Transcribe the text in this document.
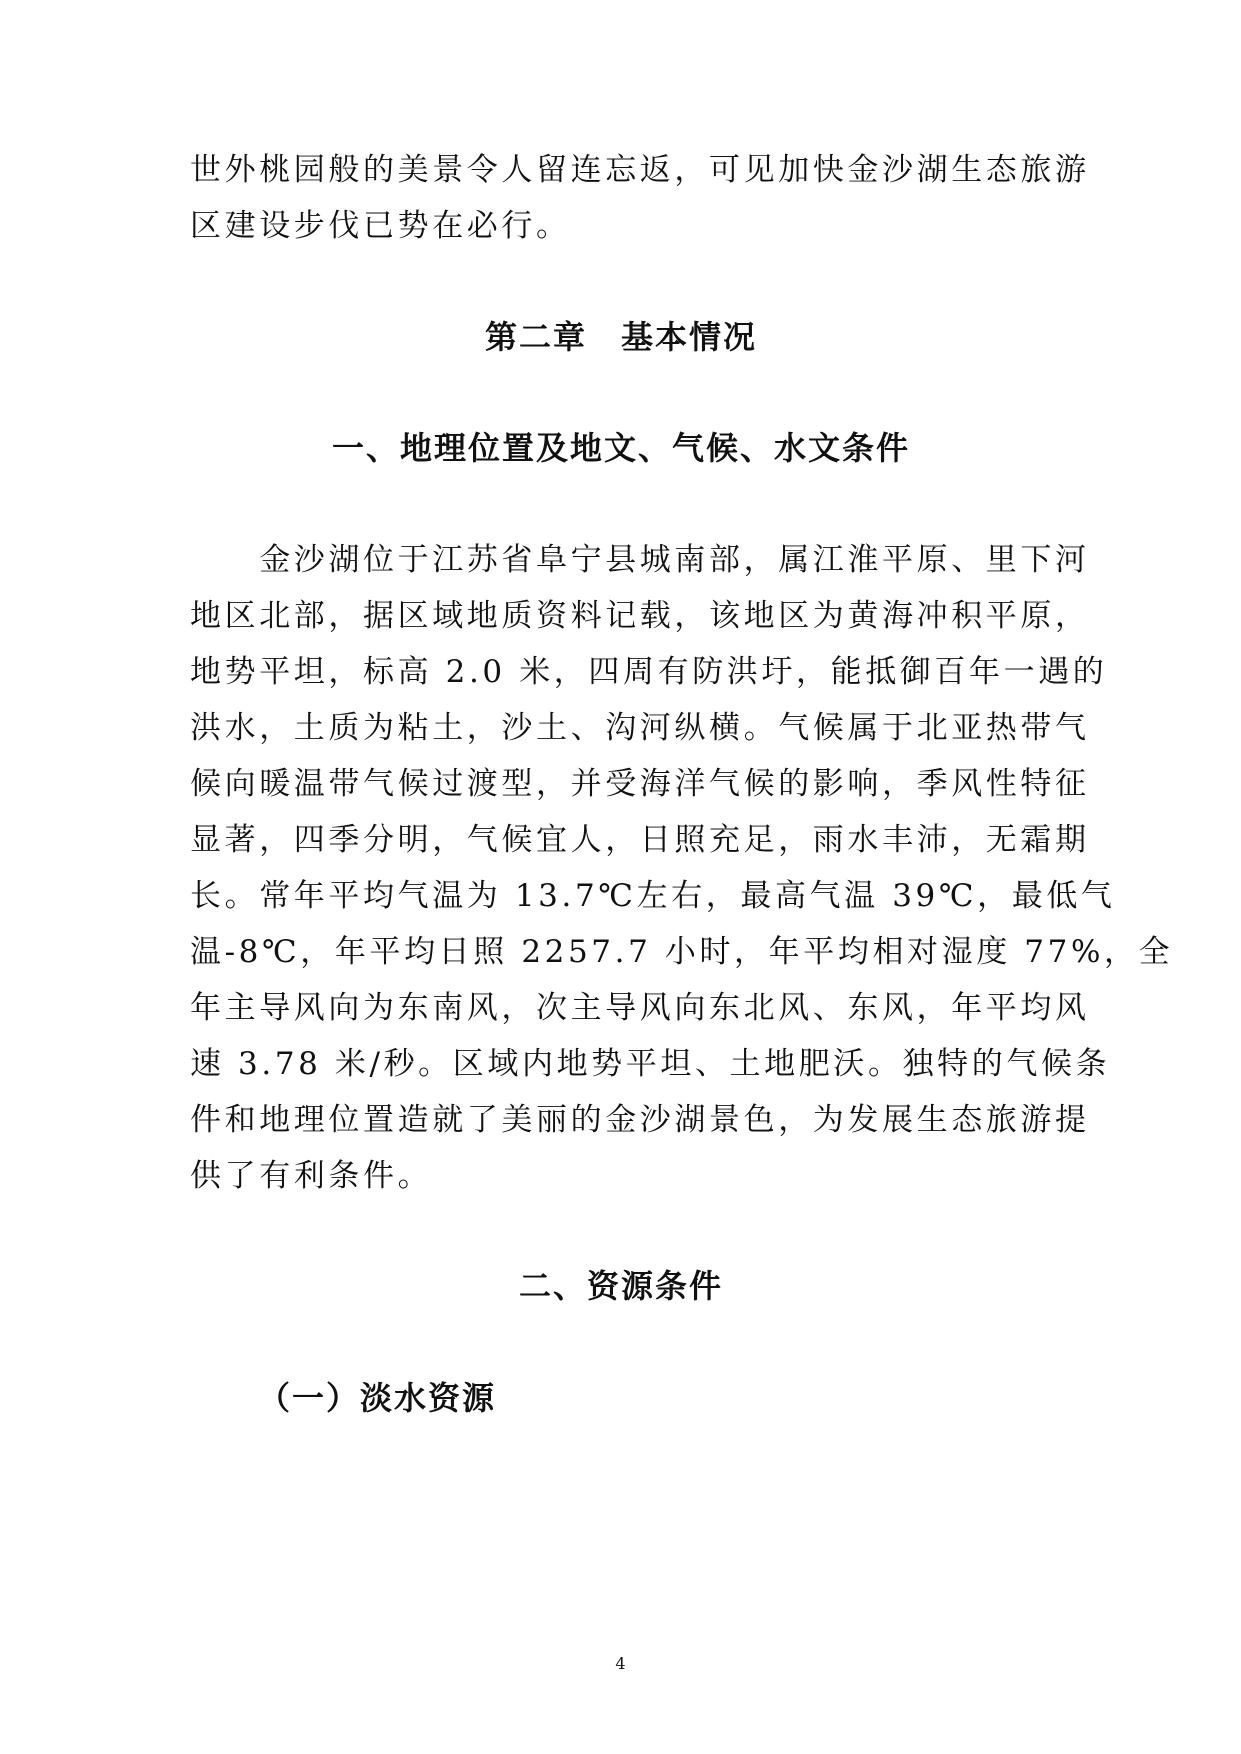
世外桃园般的美景令人留连忘返，可见加快金沙湖生态旅游
区建设步伐已势在必行。
第二章　基本情况
一、地理位置及地文、气候、水文条件
　　金沙湖位于江苏省阜宁县城南部，属江淮平原、里下河
地区北部，据区域地质资料记载，该地区为黄海冲积平原，
地势平坦，标高 2.0 米，四周有防洪圩，能抵御百年一遇的
洪水，土质为粘土，沙土、沟河纵横。气候属于北亚热带气
候向暖温带气候过渡型，并受海洋气候的影响，季风性特征
显著，四季分明，气候宜人，日照充足，雨水丰沛，无霜期
长。常年平均气温为 13.7℃左右，最高气温 39℃，最低气
温-8℃，年平均日照 2257.7 小时，年平均相对湿度 77%，全
年主导风向为东南风，次主导风向东北风、东风，年平均风
速 3.78 米/秒。区域内地势平坦、土地肥沃。独特的气候条
件和地理位置造就了美丽的金沙湖景色，为发展生态旅游提
供了有利条件。
二、资源条件
（一）淡水资源
4
